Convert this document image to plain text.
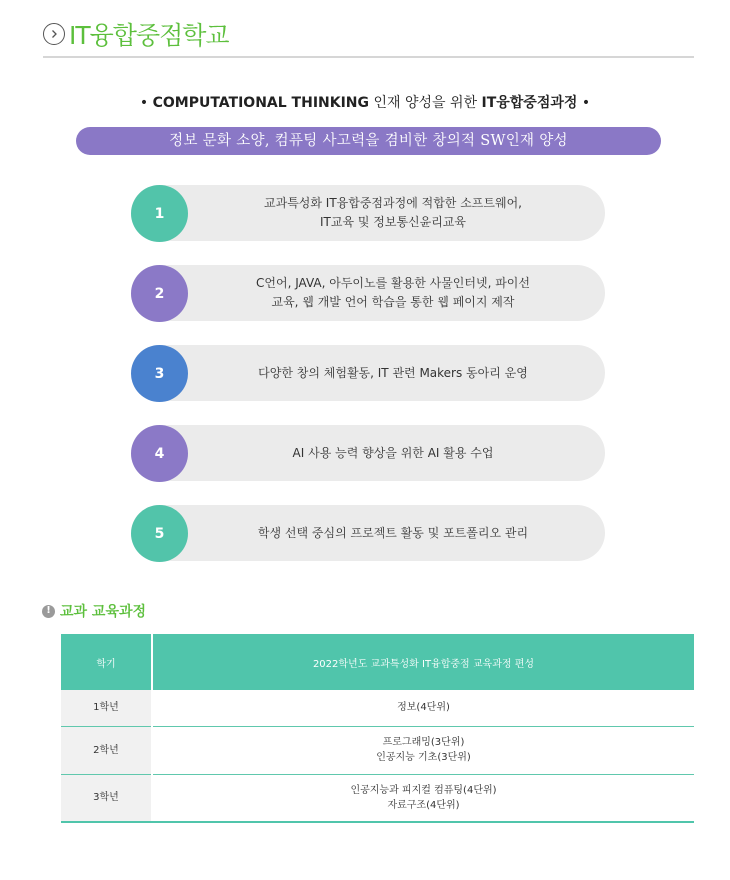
IT융합중점학교

• COMPUTATIONAL THINKING 인재 양성을 위한 IT융합중점과정 •

정보 문화 소양, 컴퓨팅 사고력을 겸비한 창의적 SW인재 양성
1
교과특성화 IT융합중점과정에 적합한 소프트웨어,
IT교육 및 정보통신윤리교육
2
C언어, JAVA, 아두이노를 활용한 사물인터넷, 파이선
교육, 웹 개발 언어 학습을 통한 웹 페이지 제작
3	다양한 창의 체험활동, IT 관련 Makers 동아리 운영
4	AI 사용 능력 향상을 위한 AI 활용 수업
5	학생 선택 중심의 프로젝트 활동 및 포트폴리오 관리
! 교과 교육과정
학기	2022학년도 교과특성화 IT융합중점 교육과정 편성
1학년	정보(4단위)

2학년	프로그래밍(3단위)
인공지능 기초(3단위)

3학년	인공지능과 피지컬 컴퓨팅(4단위)
자료구조(4단위)
